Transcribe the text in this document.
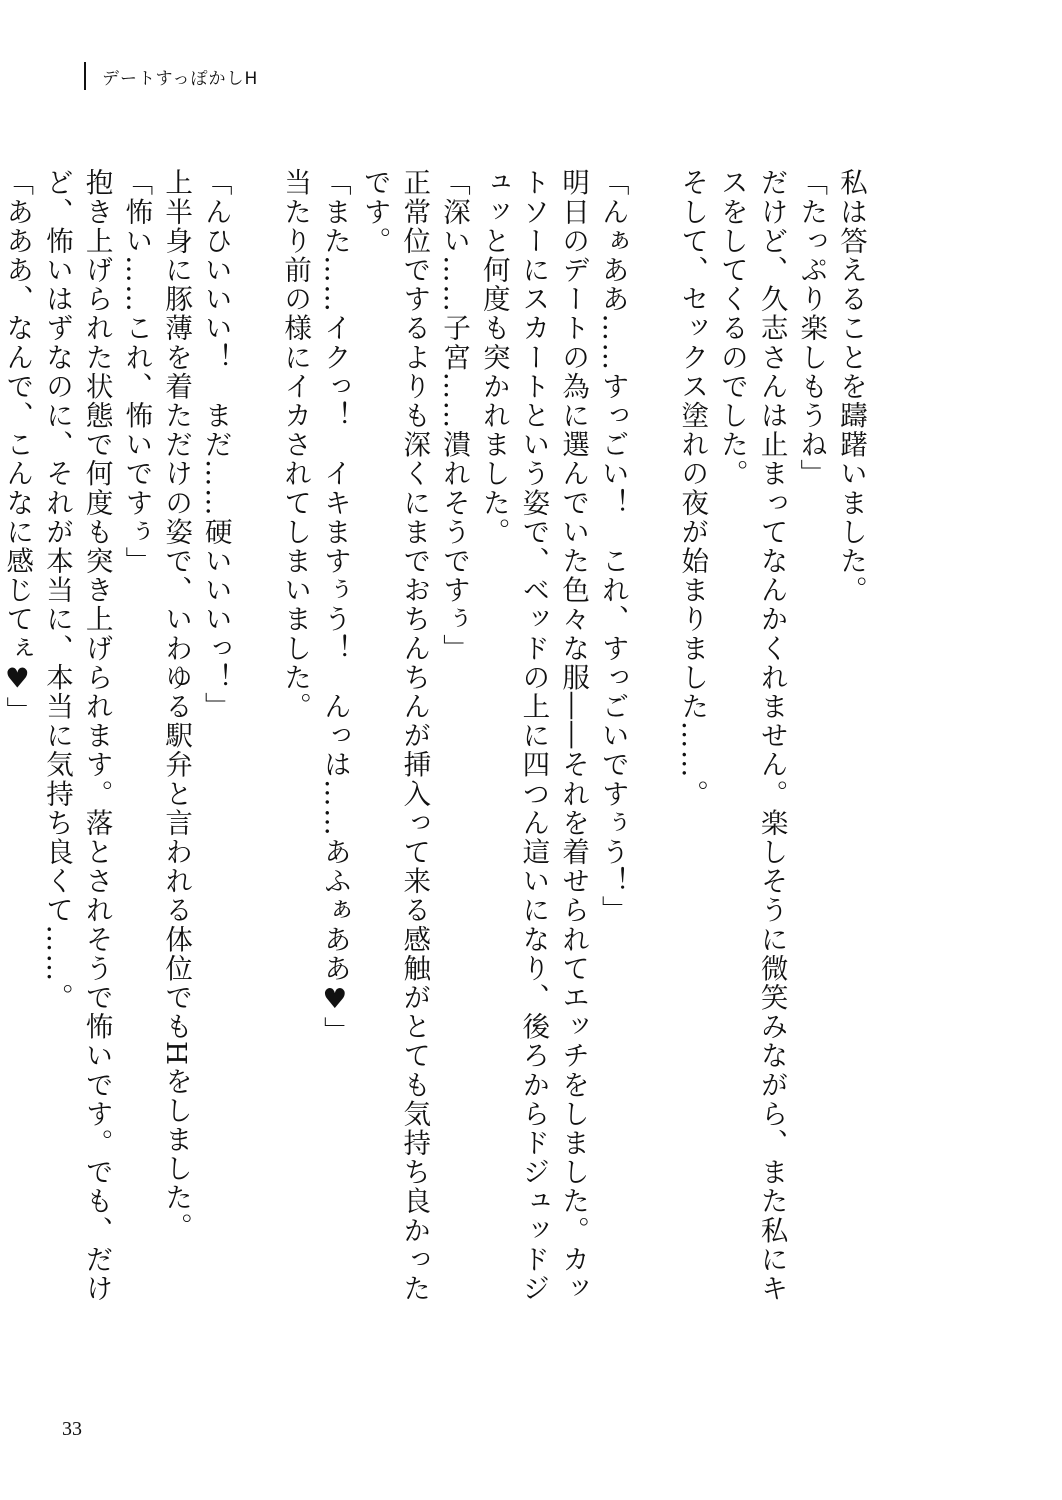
デートすっぽかしH

私は答えることを躊躇いました。

「たっぷり楽しもうね」

だけど、久志さんは止まってなんかくれません。楽しそうに微笑みながら、また私にキスをしてくるのでした。

そして、セックス塗れの夜が始まりました……。

「んぁああ……すっごい！　これ、すっごいですぅう！」

明日のデートの為に選んでいた色々な服――それを着せられてエッチをしました。カットソーにスカートという姿で、ベッドの上に四つん這いになり、後ろからドジュッドジュッと何度も突かれました。

「深い……子宮……潰れそうですぅ」

正常位でするよりも深くにまでおちんちんが挿入って来る感触がとても気持ち良かったです。

「また……イクっ！　イキますぅう！　んっは……あふぁああ♥」

当たり前の様にイカされてしまいました。

「んひいいい！　まだ……硬いいいっ！」

上半身に豚薄を着ただけの姿で、いわゆる駅弁と言われる体位でもHをしました。

「怖い……これ、怖いですぅ」

抱き上げられた状態で何度も突き上げられます。落とされそうで怖いです。でも、だけど、怖いはずなのに、それが本当に、本当に気持ち良くて……。

「あああ、なんで、こんなに感じてぇ♥」

33
